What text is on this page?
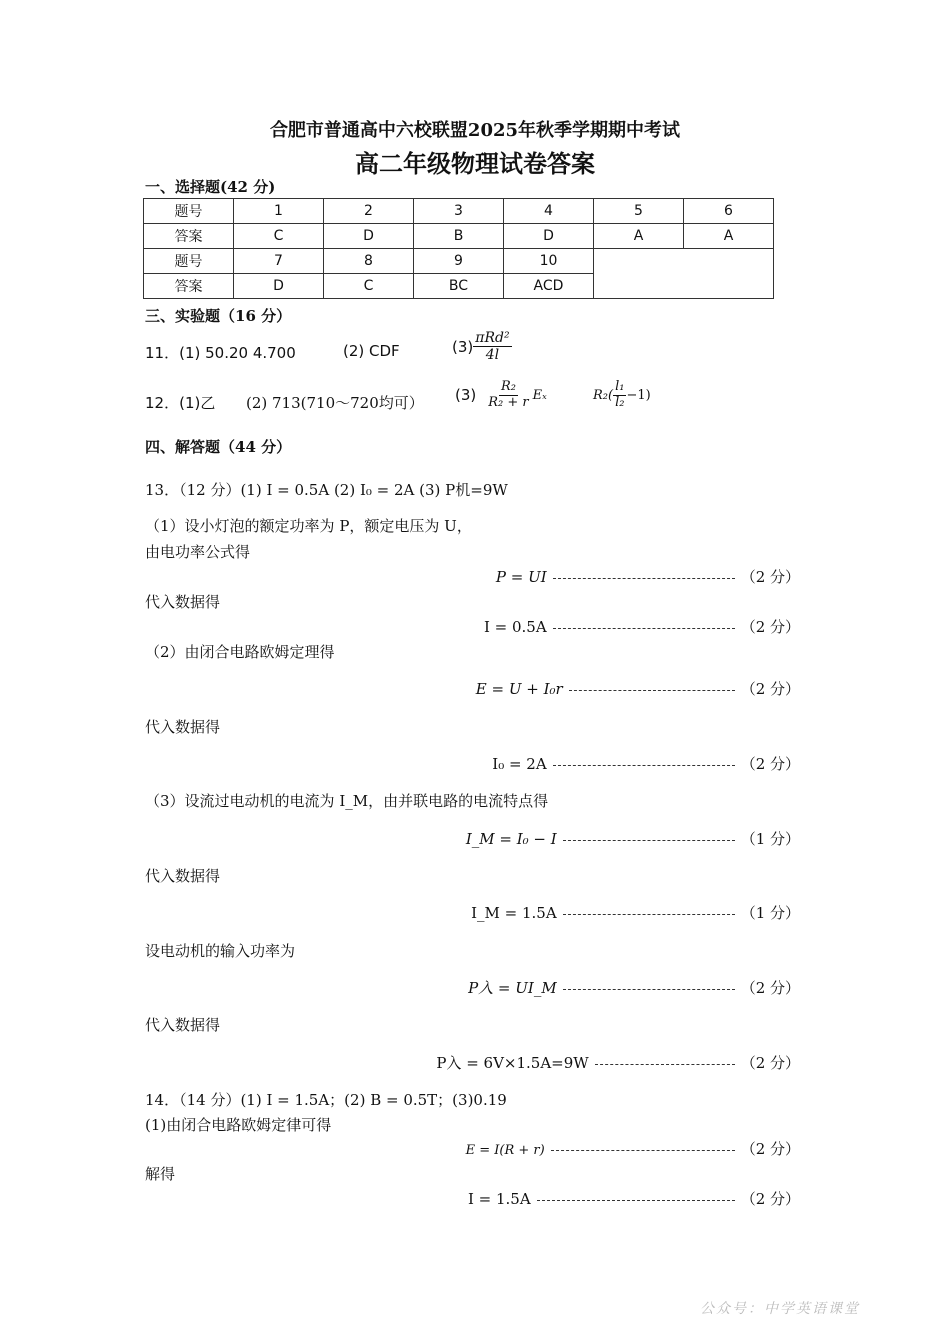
合肥市普通高中六校联盟2025年秋季学期期中考试
高二年级物理试卷答案
一、选择题(42 分)
题号	1	2	3	4	5	6
答案	C	D	B	D	A	A
题号	7	8	9	10		
答案	D	C	BC	ACD		
三、实验题（16 分）
11．(1) 50.20 4.700	(2) CDF	$(3) \frac{\text{πRd²}}{4l}$
12．(1)乙 (2) 713(710～720均可） $(3) \frac{\text{R₂}}{\text{R₂ + r}}$ Eₓ	$R_2( \frac{\text{l₁}}{\text{l₂}} -1)$
四、解答题（44 分）
13．（12 分）(1) I = 0.5A (2) I₀ = 2A (3) P机=9W
（1）设小灯泡的额定功率为 P，额定电压为 U，
由电功率公式得
P = UI	（2 分）
代入数据得
I = 0.5A	（2 分）
（2）由闭合电路欧姆定理得
E = U + I₀r	（2 分）
代入数据得
I₀ = 2A	（2 分）
（3）设流过电动机的电流为 I_M，由并联电路的电流特点得
I_M = I₀ − I	（1 分）
代入数据得
I_M = 1.5A	（1 分）
设电动机的输入功率为
P入 = UI_M	（2 分）
代入数据得
P入 = 6V×1.5A=9W	（2 分）
14．（14 分）(1) I = 1.5A；(2) B = 0.5T；(3)0.19
(1)由闭合电路欧姆定律可得
E = I(R + r)	（2 分）
解得
I = 1.5A	（2 分）
公众号：中学英语课堂
